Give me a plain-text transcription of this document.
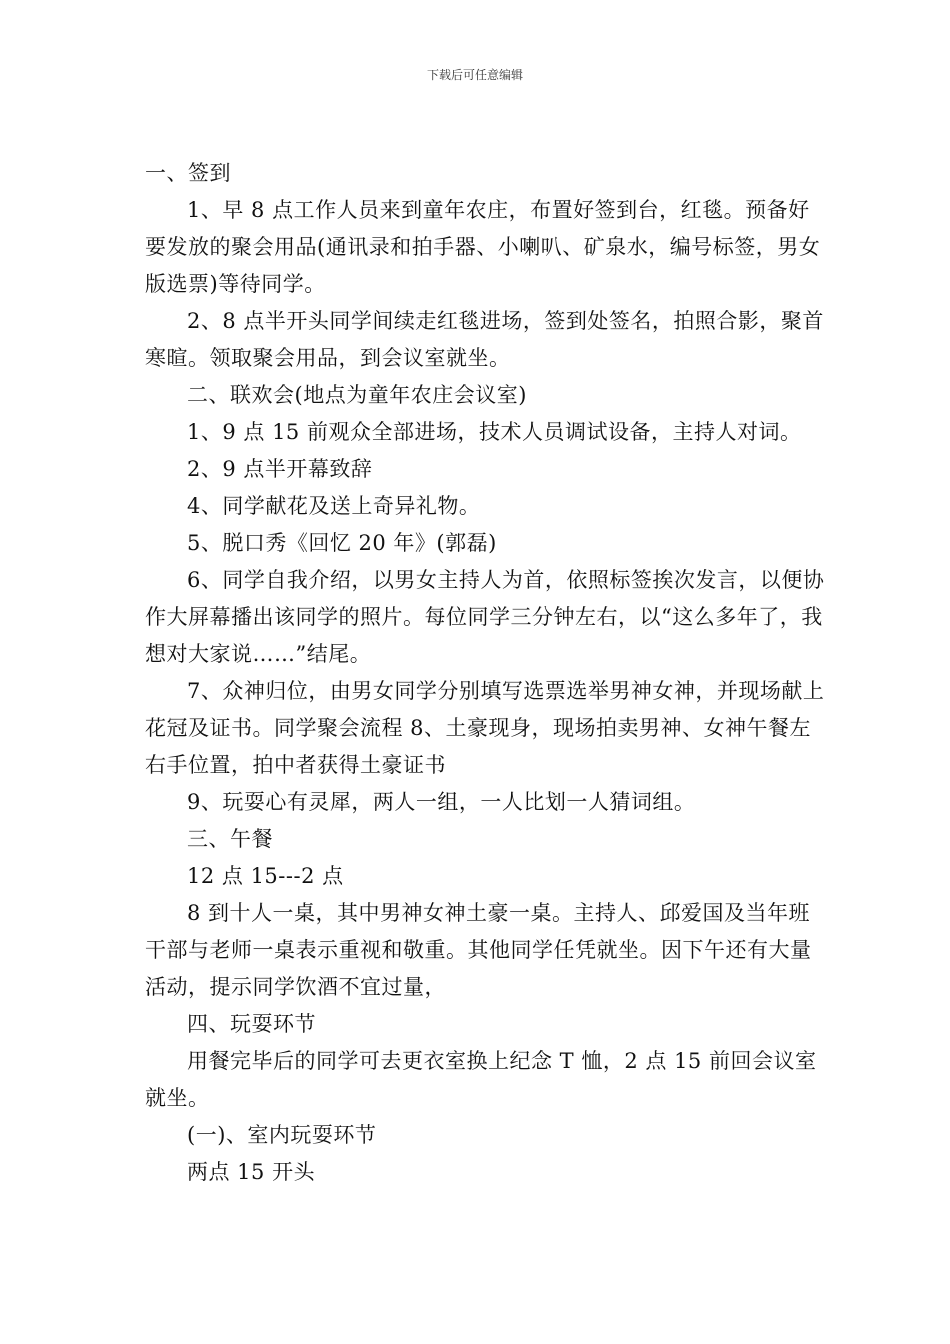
下载后可任意编辑

一、签到

1、早 8 点工作人员来到童年农庄，布置好签到台，红毯。预备好要发放的聚会用品(通讯录和拍手器、小喇叭、矿泉水，编号标签，男女版选票)等待同学。

2、8 点半开头同学间续走红毯进场，签到处签名，拍照合影，聚首寒暄。领取聚会用品，到会议室就坐。

二、联欢会(地点为童年农庄会议室)

1、9 点 15 前观众全部进场，技术人员调试设备，主持人对词。

2、9 点半开幕致辞

4、同学献花及送上奇异礼物。

5、脱口秀《回忆 20 年》(郭磊)

6、同学自我介绍，以男女主持人为首，依照标签挨次发言，以便协作大屏幕播出该同学的照片。每位同学三分钟左右，以“这么多年了，我想对大家说……”结尾。

7、众神归位，由男女同学分别填写选票选举男神女神，并现场献上花冠及证书。同学聚会流程 8、土豪现身，现场拍卖男神、女神午餐左右手位置，拍中者获得土豪证书

9、玩耍心有灵犀，两人一组，一人比划一人猜词组。

三、午餐

12 点 15---2 点

8 到十人一桌，其中男神女神土豪一桌。主持人、邱爱国及当年班干部与老师一桌表示重视和敬重。其他同学任凭就坐。因下午还有大量活动，提示同学饮酒不宜过量，

四、玩耍环节

用餐完毕后的同学可去更衣室换上纪念 T 恤，2 点 15 前回会议室就坐。

(一)、室内玩耍环节

两点 15 开头
